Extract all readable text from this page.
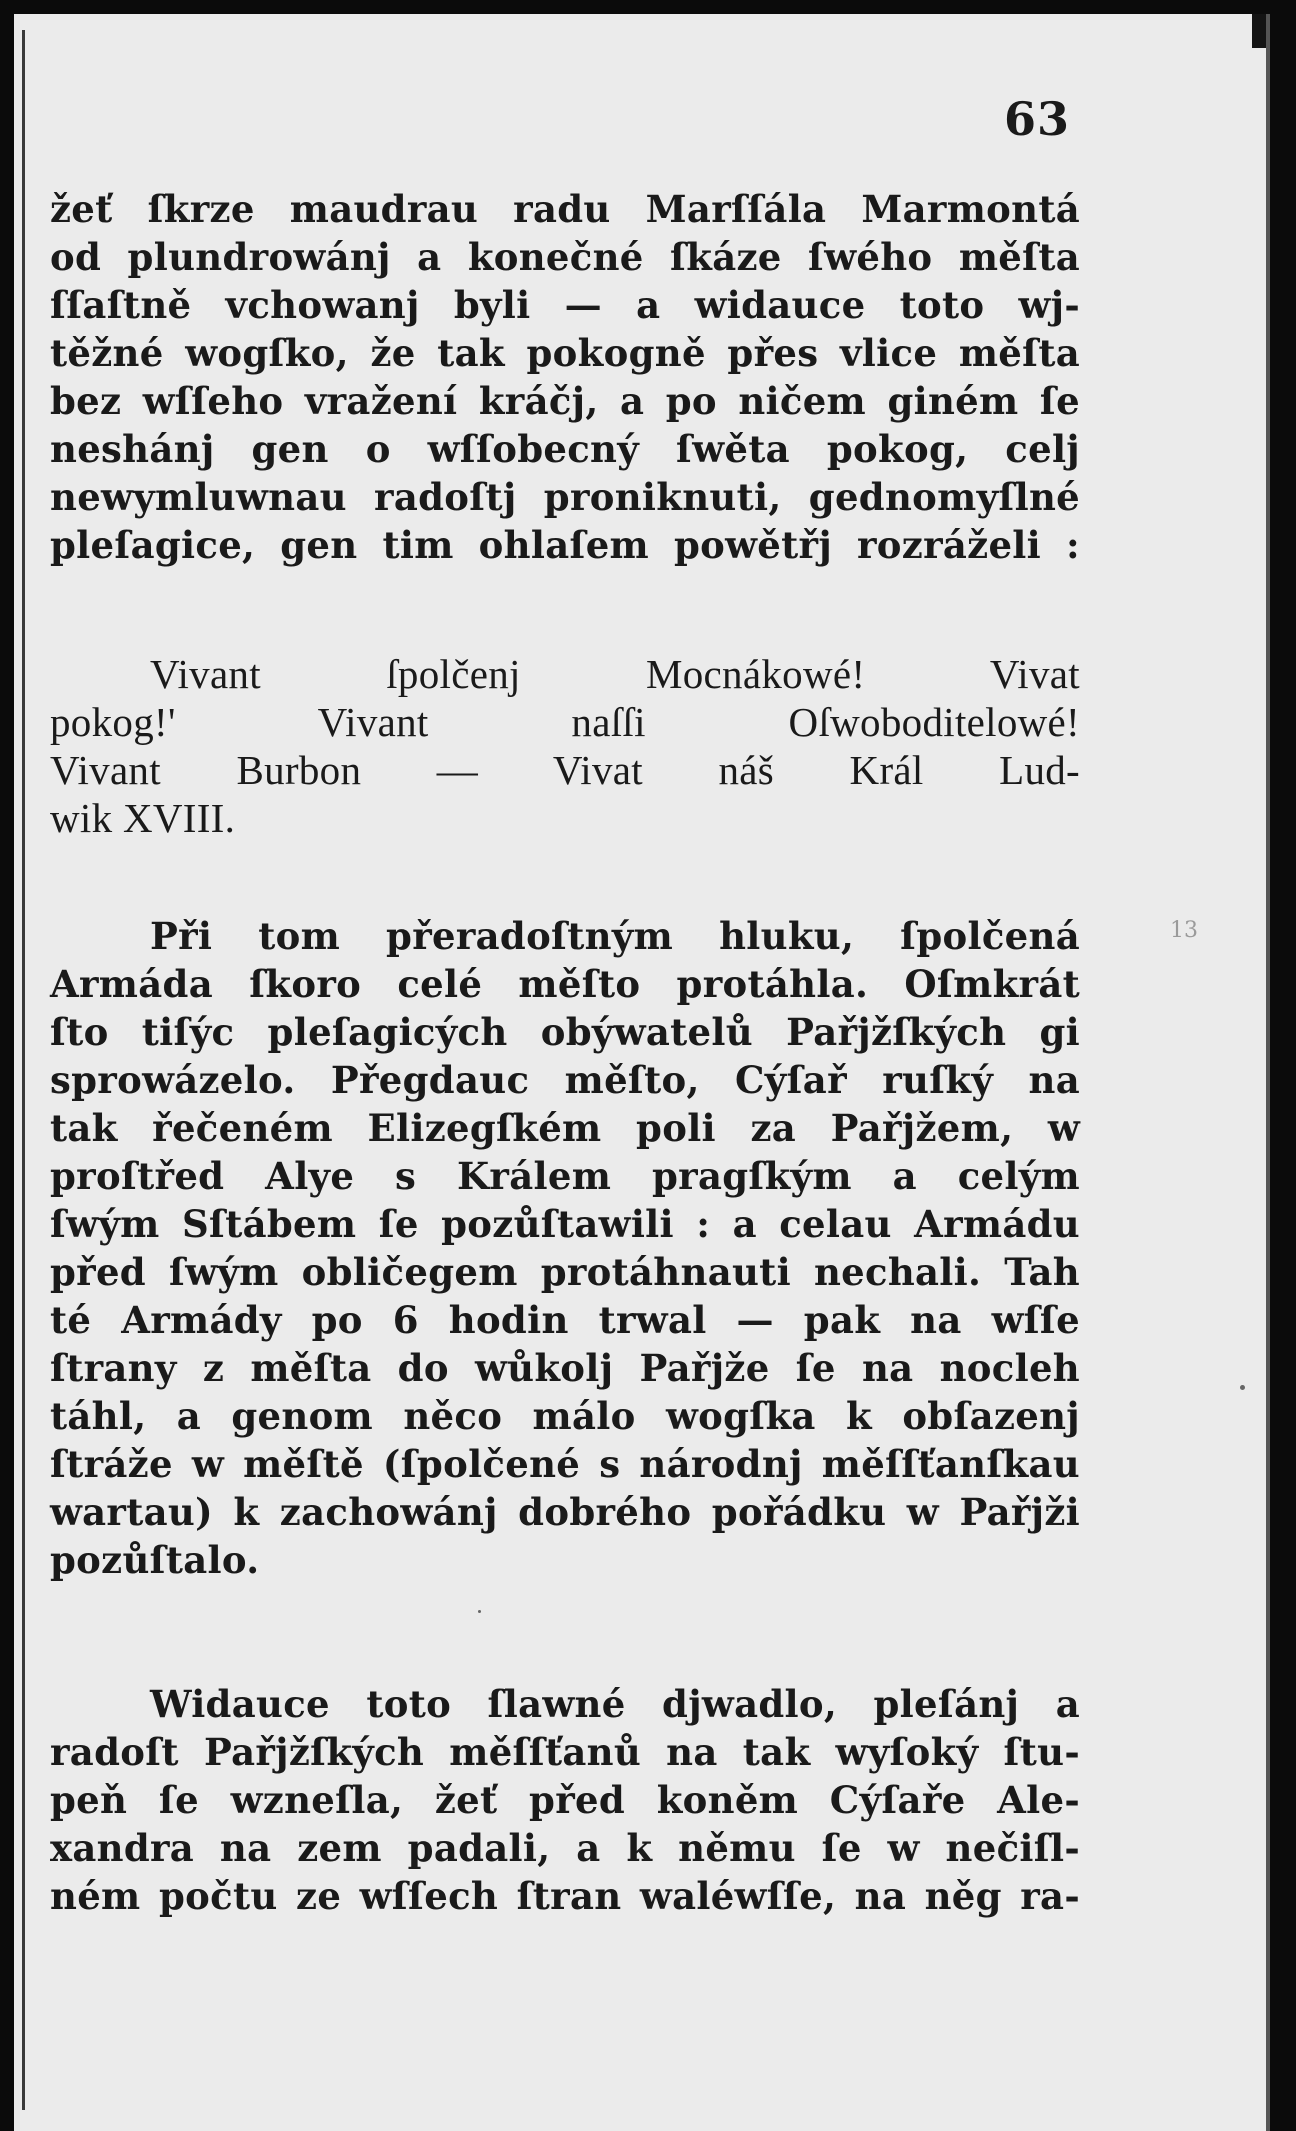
63
13
žeť ſkrze maudrau radu Marſſála Marmontá
od plundrowánj a konečné ſkáze ſwého měſta
ſſaſtně vchowanj byli — a widauce toto wj-
těžné wogſko, že tak pokogně přes vlice měſta
bez wſſeho vražení kráčj, a po ničem giném ſe
neshánj gen o wſſobecný ſwěta pokog, celj
newymluwnau radoſtj proniknuti, gednomyſlné
pleſagice, gen tim ohlaſem powětřj rozráželi :
Vivant ſpolčenj Mocnákowé! Vivat
pokog!' Vivant naſſi Oſwoboditelowé!
Vivant Burbon — Vivat náš Král Lud-
wik XVIII.
Při tom přeradoſtným hluku, ſpolčená
Armáda ſkoro celé měſto protáhla. Oſmkrát
ſto tiſýc pleſagicých obýwatelů Pařjžſkých gi
sprowázelo. Přegdauc měſto, Cýſař ruſký na
tak řečeném Elizegſkém poli za Pařjžem, w
proſtřed Alye s Králem pragſkým a celým
ſwým Sſtábem ſe pozůſtawili : a celau Armádu
před ſwým obličegem protáhnauti nechali. Tah
té Armády po 6 hodin trwal — pak na wſſe
ſtrany z měſta do wůkolj Pařjže ſe na nocleh
táhl, a genom něco málo wogſka k obſazenj
ſtráže w měſtě (ſpolčené s národnj měſſťanſkau
wartau) k zachowánj dobrého pořádku w Pařjži
pozůſtalo.
Widauce toto ſlawné djwadlo, pleſánj a
radoſt Pařjžſkých měſſťanů na tak wyſoký ſtu-
peň ſe wzneſla, žeť před koněm Cýſaře Ale-
xandra na zem padali, a k němu ſe w nečiſl-
ném počtu ze wſſech ſtran waléwſſe, na něg ra-
